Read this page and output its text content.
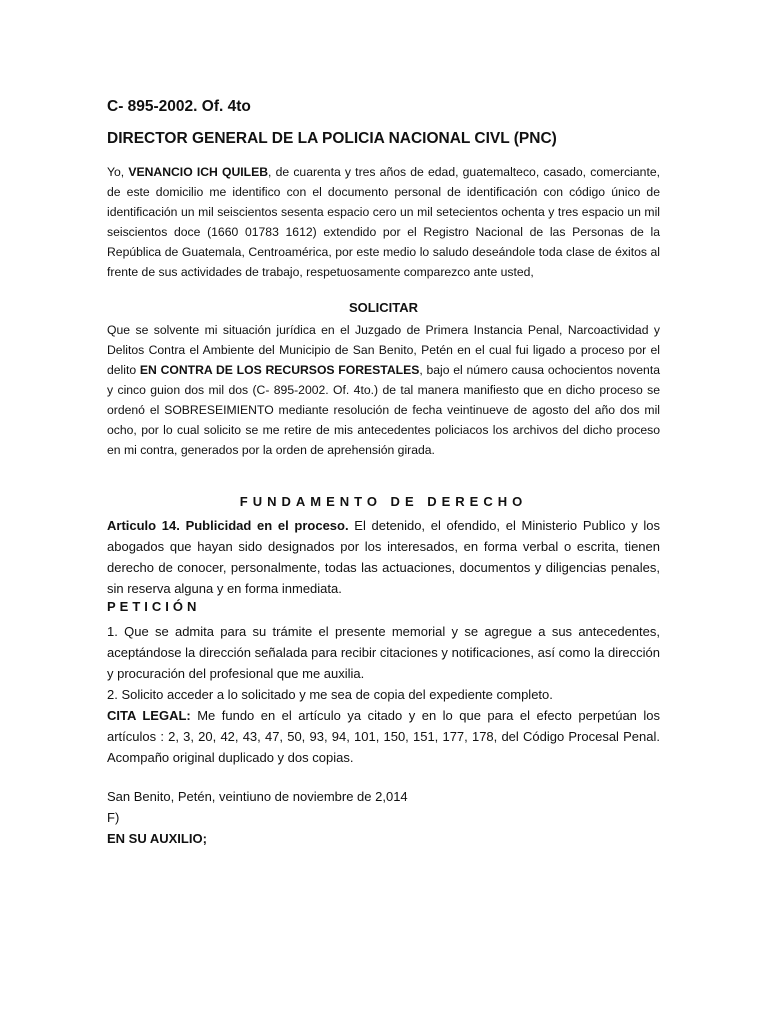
C- 895-2002. Of. 4to
DIRECTOR GENERAL DE LA POLICIA NACIONAL CIVL (PNC)

Yo, VENANCIO ICH QUILEB, de cuarenta y tres años de edad, guatemalteco, casado, comerciante, de este domicilio me identifico con el documento personal de identificación con código único de identificación un mil seiscientos sesenta espacio cero un mil setecientos ochenta y tres espacio un mil seiscientos doce (1660 01783 1612) extendido por el Registro Nacional de las Personas de la República de Guatemala, Centroamérica, por este medio lo saludo deseándole toda clase de éxitos al frente de sus actividades de trabajo, respetuosamente comparezco ante usted,

SOLICITAR

Que se solvente mi situación jurídica en el Juzgado de Primera Instancia Penal, Narcoactividad y Delitos Contra el Ambiente del Municipio de San Benito, Petén en el cual fui ligado a proceso por el delito EN CONTRA DE LOS RECURSOS FORESTALES, bajo el número causa ochocientos noventa y cinco guion dos mil dos (C- 895-2002. Of. 4to.) de tal manera manifiesto que en dicho proceso se ordenó el SOBRESEIMIENTO mediante resolución de fecha veintinueve de agosto del año dos mil ocho, por lo cual solicito se me retire de mis antecedentes policiacos los archivos del dicho proceso en mi contra, generados por la orden de aprehensión girada.

FUNDAMENTO DE DERECHO

Articulo 14. Publicidad en el proceso. El detenido, el ofendido, el Ministerio Publico y los abogados que hayan sido designados por los interesados, en forma verbal o escrita, tienen derecho de conocer, personalmente, todas las actuaciones, documentos y diligencias penales, sin reserva alguna y en forma inmediata.

PETICIÓN

1. Que se admita para su trámite el presente memorial y se agregue a sus antecedentes, aceptándose la dirección señalada para recibir citaciones y notificaciones, así como la dirección y procuración del profesional que me auxilia.

2. Solicito acceder a lo solicitado y me sea de copia del expediente completo.

CITA LEGAL: Me fundo en el artículo ya citado y en lo que para el efecto perpetúan los artículos : 2, 3, 20, 42, 43, 47, 50, 93, 94, 101, 150, 151, 177, 178, del Código Procesal Penal. Acompaño original duplicado y dos copias.

San Benito, Petén, veintiuno de noviembre de 2,014
F)
EN SU AUXILIO;
